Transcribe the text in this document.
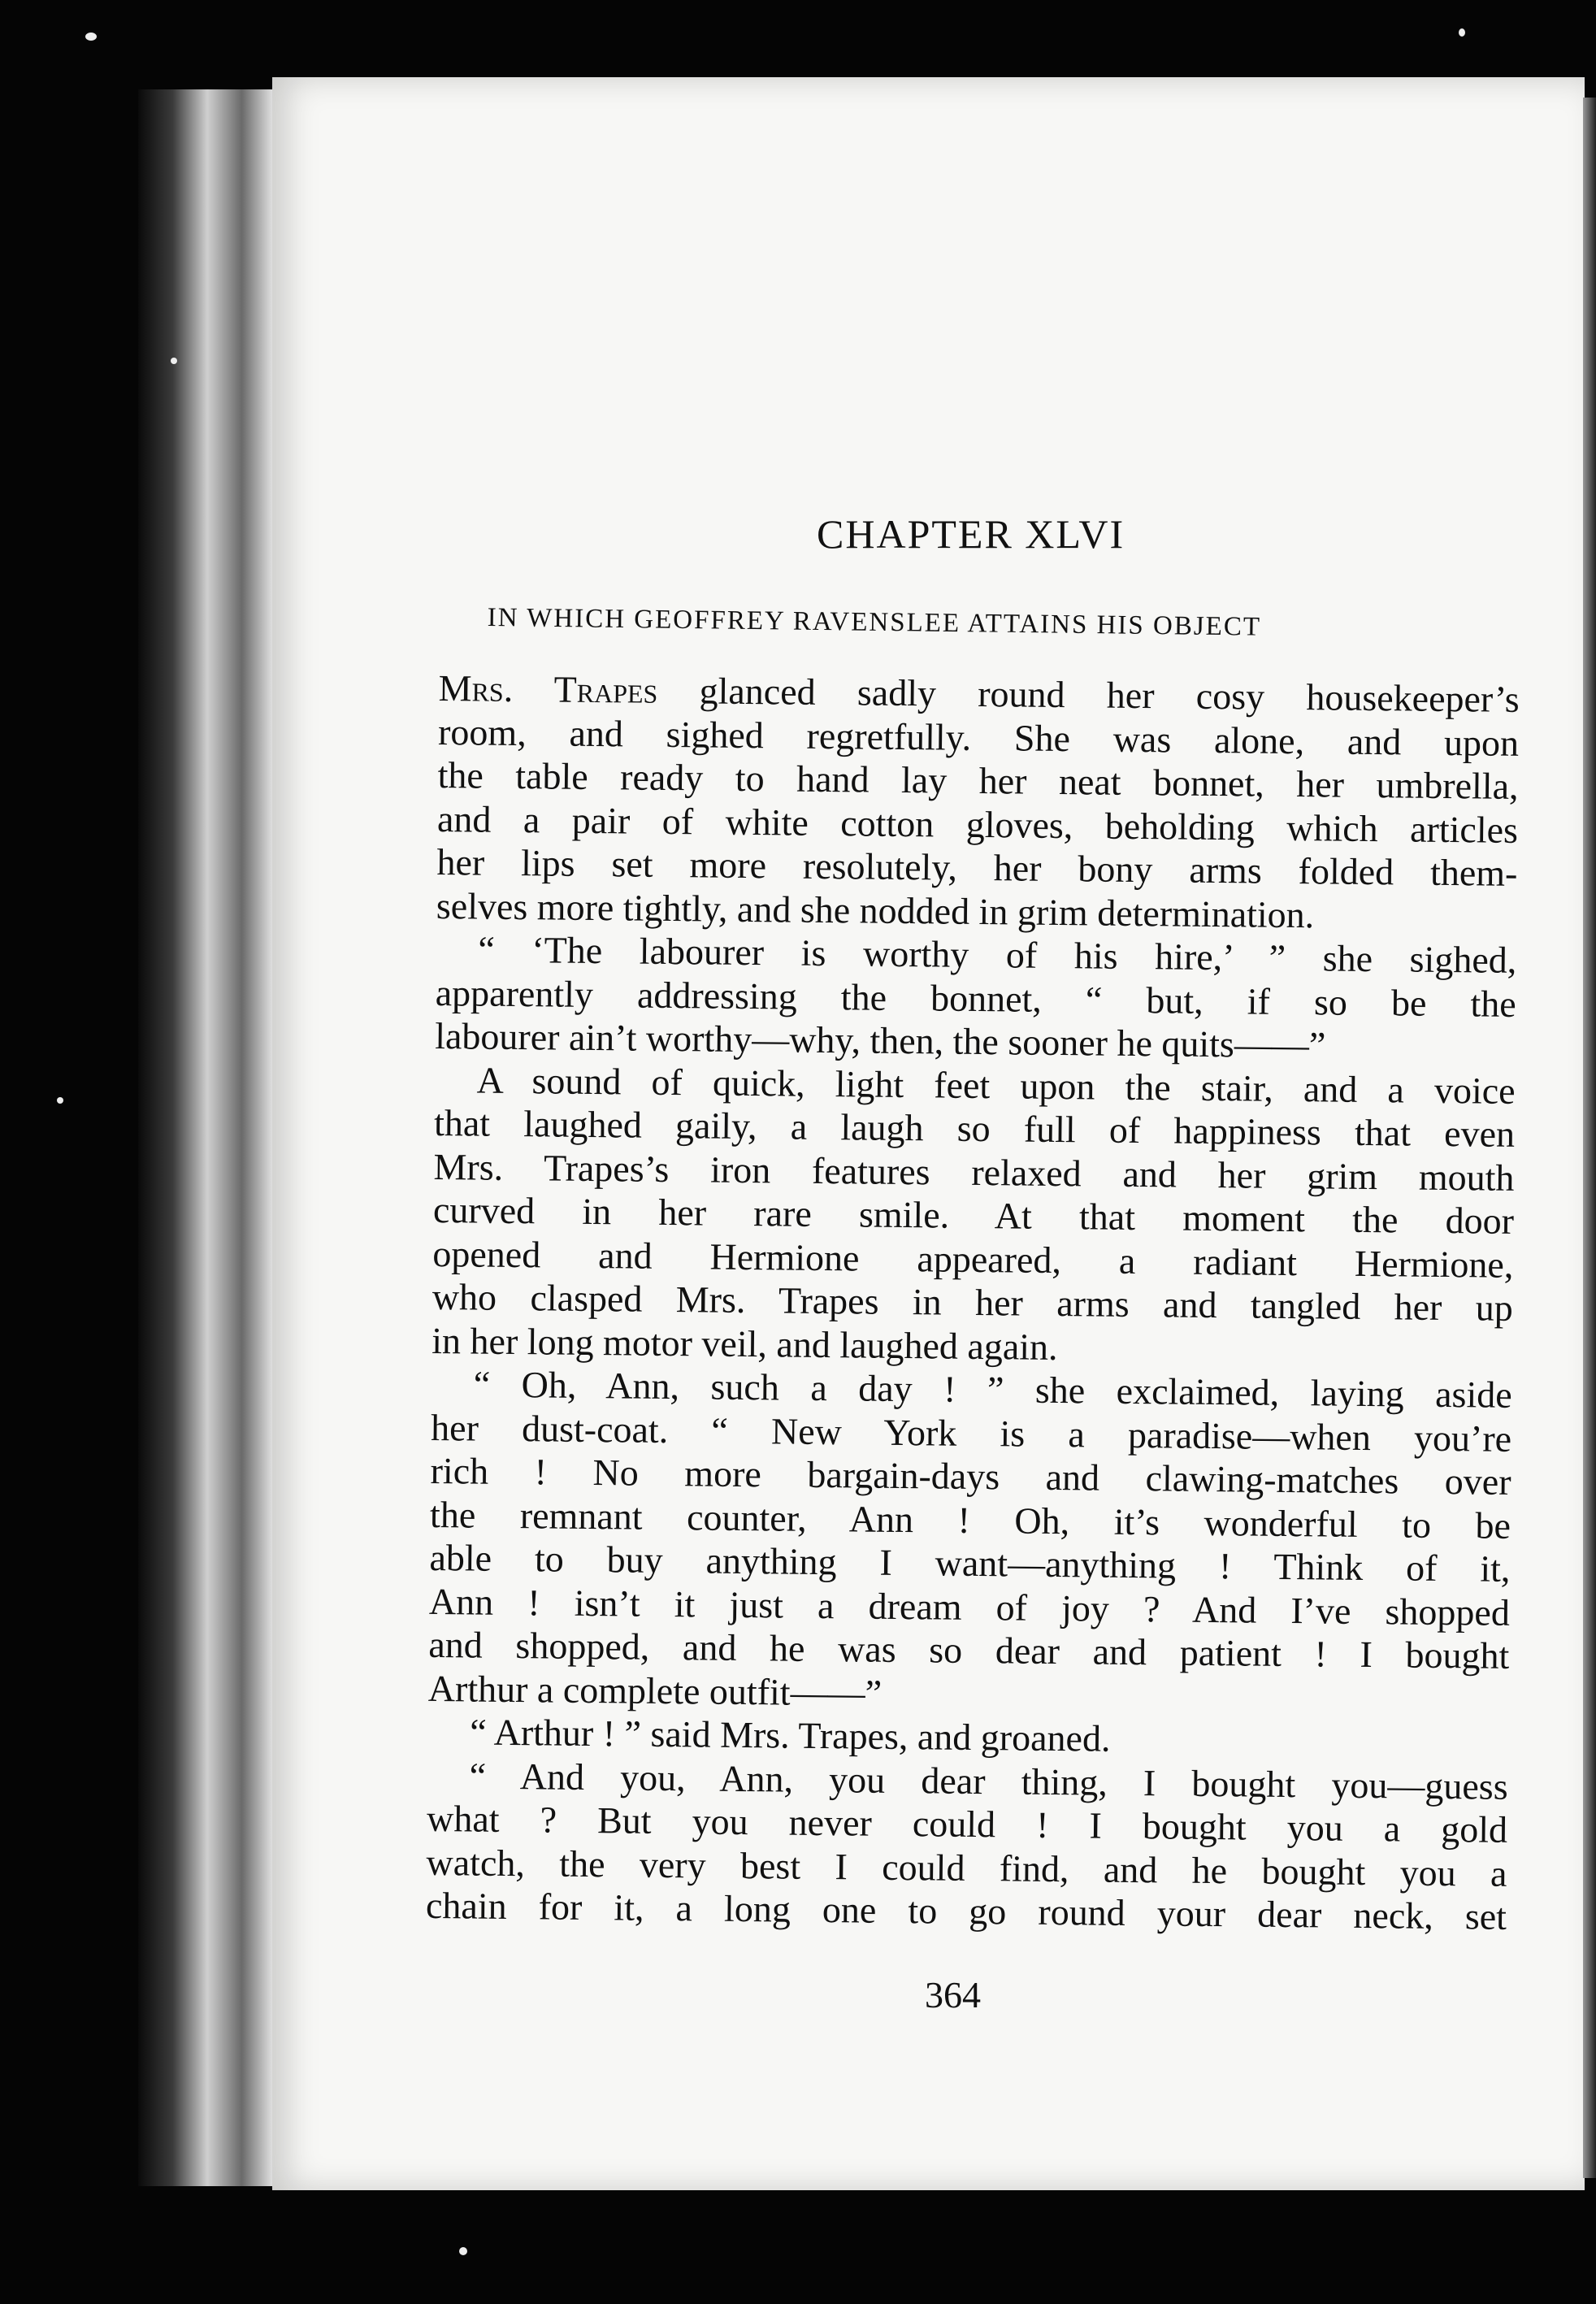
CHAPTER XLVI
IN WHICH GEOFFREY RAVENSLEE ATTAINS HIS OBJECT
Mrs. Trapes glanced sadly round her cosy housekeeper’s
room, and sighed regretfully. She was alone, and upon
the table ready to hand lay her neat bonnet, her umbrella,
and a pair of white cotton gloves, beholding which articles
her lips set more resolutely, her bony arms folded them-
selves more tightly, and she nodded in grim determination.
“ ‘The labourer is worthy of his hire,’ ” she sighed,
apparently addressing the bonnet, “ but, if so be the
labourer ain’t worthy—why, then, the sooner he quits——”
A sound of quick, light feet upon the stair, and a voice
that laughed gaily, a laugh so full of happiness that even
Mrs. Trapes’s iron features relaxed and her grim mouth
curved in her rare smile. At that moment the door
opened and Hermione appeared, a radiant Hermione,
who clasped Mrs. Trapes in her arms and tangled her up
in her long motor veil, and laughed again.
“ Oh, Ann, such a day ! ” she exclaimed, laying aside
her dust-coat. “ New York is a paradise—when you’re
rich ! No more bargain-days and clawing-matches over
the remnant counter, Ann ! Oh, it’s wonderful to be
able to buy anything I want—anything ! Think of it,
Ann ! isn’t it just a dream of joy ? And I’ve shopped
and shopped, and he was so dear and patient ! I bought
Arthur a complete outfit——”
“ Arthur ! ” said Mrs. Trapes, and groaned.
“ And you, Ann, you dear thing, I bought you—guess
what ? But you never could ! I bought you a gold
watch, the very best I could find, and he bought you a
chain for it, a long one to go round your dear neck, set
364
